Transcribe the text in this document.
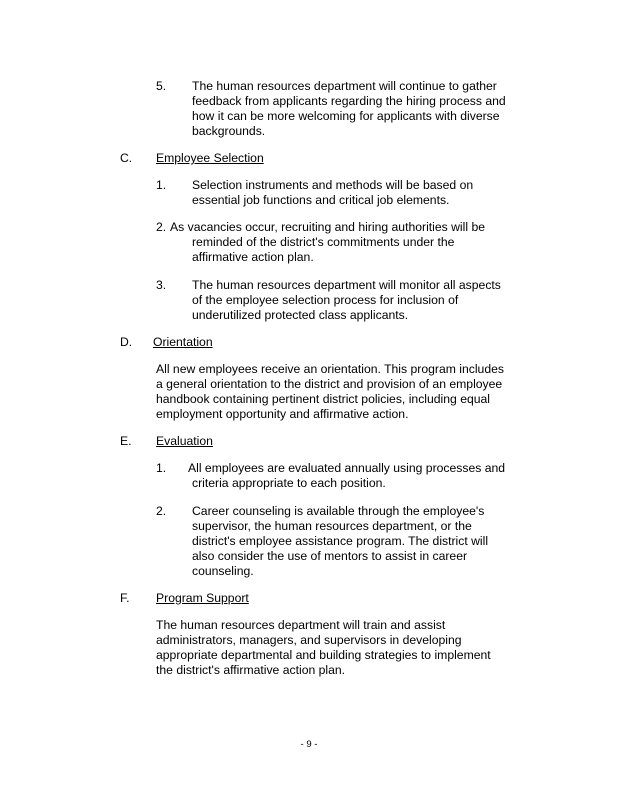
5. The human resources department will continue to gather
feedback from applicants regarding the hiring process and
how it can be more welcoming for applicants with diverse
backgrounds.
C. Employee Selection
1. Selection instruments and methods will be based on
essential job functions and critical job elements.
2. As vacancies occur, recruiting and hiring authorities will be
reminded of the district's commitments under the
affirmative action plan.
3. The human resources department will monitor all aspects
of the employee selection process for inclusion of
underutilized protected class applicants.
D. Orientation
All new employees receive an orientation. This program includes
a general orientation to the district and provision of an employee
handbook containing pertinent district policies, including equal
employment opportunity and affirmative action.
E. Evaluation
1. All employees are evaluated annually using processes and
criteria appropriate to each position.
2. Career counseling is available through the employee's
supervisor, the human resources department, or the
district's employee assistance program. The district will
also consider the use of mentors to assist in career
counseling.
F. Program Support
The human resources department will train and assist
administrators, managers, and supervisors in developing
appropriate departmental and building strategies to implement
the district's affirmative action plan.
- 9 -
